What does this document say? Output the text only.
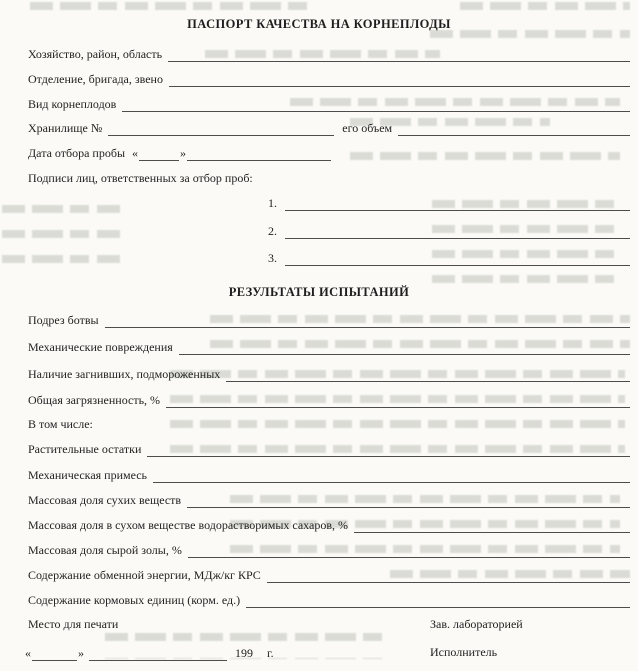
ПАСПОРТ КАЧЕСТВА НА КОРНЕПЛОДЫ
Хозяйство, район, область
Отделение, бригада, звено
Вид корнеплодов
Хранилище №	его объем
Дата отбора пробы «	»
Подписи лиц, ответственных за отбор проб:
1.
2.
3.
РЕЗУЛЬТАТЫ ИСПЫТАНИЙ
Подрез ботвы
Механические повреждения
Наличие загнивших, подмороженных
Общая загрязненность, %
В том числе:
Растительные остатки
Механическая примесь
Массовая доля сухих веществ
Массовая доля в сухом веществе водорастворимых сахаров, %
Массовая доля сырой золы, %
Содержание обменной энергии, МДж/кг КРС
Содержание кормовых единиц (корм. ед.)
Место для печати	Зав. лабораторией
«	»	199	г.	Исполнитель
